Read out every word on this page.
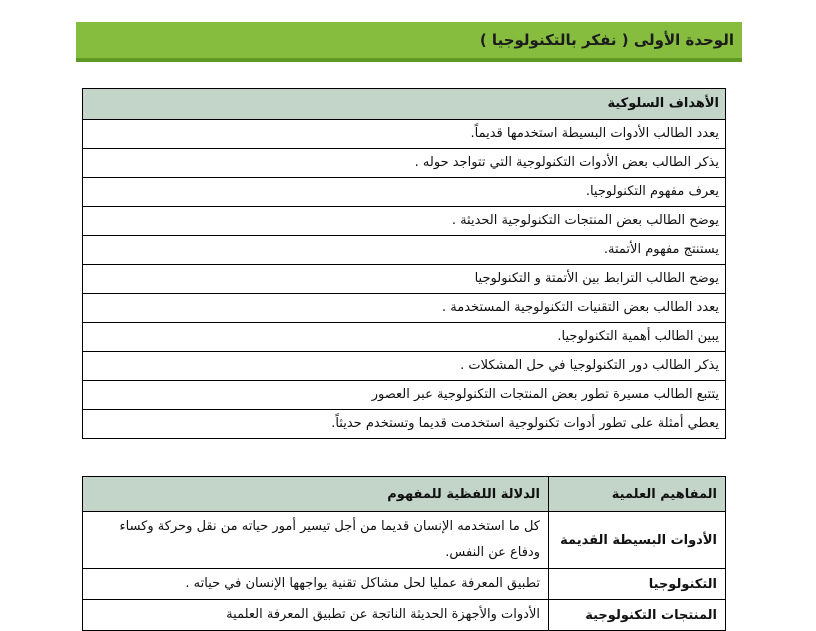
الوحدة الأولى ( نفكر بالتكنولوجيا )
الأهداف السلوكية
يعدد الطالب الأدوات البسيطة استخدمها قديماً.
يذكر الطالب بعض الأدوات التكنولوجية التي تتواجد حوله .
يعرف مفهوم التكنولوجيا.
يوضح الطالب بعض المنتجات التكنولوجية الحديثة .
يستنتج مفهوم الأتمتة.
يوضح الطالب الترابط بين الأتمتة و التكنولوجيا
يعدد الطالب بعض التقنيات التكنولوجية المستخدمة .
يبين الطالب أهمية التكنولوجيا.
يذكر الطالب دور التكنولوجيا في حل المشكلات .
يتتبع الطالب مسيرة تطور بعض المنتجات التكنولوجية عبر العصور
يعطي أمثلة على تطور أدوات تكنولوجية استخدمت قديما وتستخدم حديثاً.
المفاهيم العلمية	الدلالة اللفظية للمفهوم
الأدوات البسيطة القديمة	كل ما استخدمه الإنسان قديما من أجل تيسير أمور حياته من نقل وحركة وكساء ودفاع عن النفس.
التكنولوجيا	تطبيق المعرفة عمليا لحل مشاكل تقنية يواجهها الإنسان في حياته .
المنتجات التكنولوجية	الأدوات والأجهزة الحديثة الناتجة عن تطبيق المعرفة العلمية
